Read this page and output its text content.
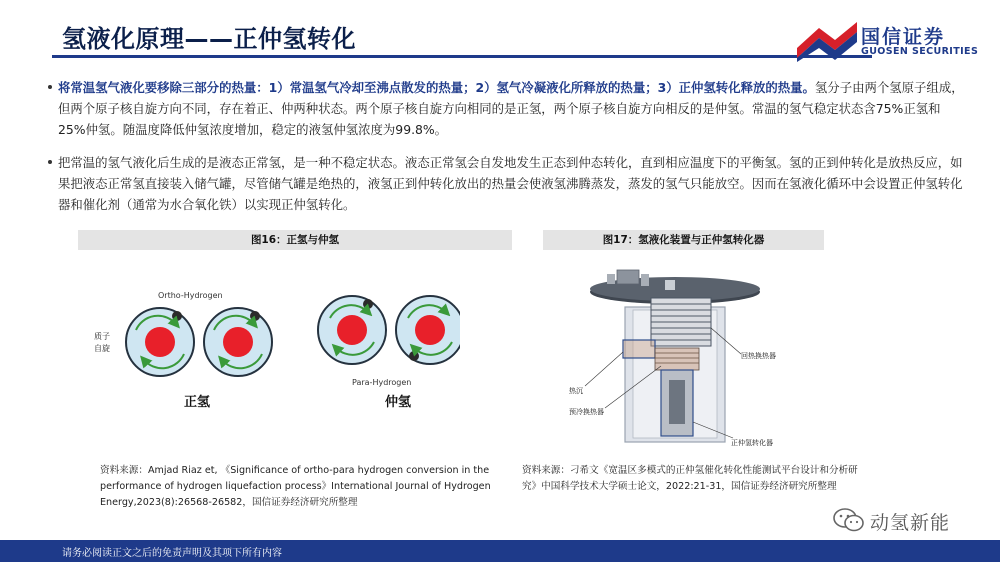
氢液化原理——正仲氢转化	国信证券
GUOSEN SECURITIES
将常温氢气液化要移除三部分的热量：1）常温氢气冷却至沸点散发的热量；2）氢气冷凝液化所释放的热量；3）正仲氢转化释放的热量。氢分子由两个氢原子组成，但两个原子核自旋方向不同，存在着正、仲两种状态。两个原子核自旋方向相同的是正氢，两个原子核自旋方向相反的是仲氢。常温的氢气稳定状态含75%正氢和25%仲氢。随温度降低仲氢浓度增加，稳定的液氢仲氢浓度为99.8%。
把常温的氢气液化后生成的是液态正常氢，是一种不稳定状态。液态正常氢会自发地发生正态到仲态转化，直到相应温度下的平衡氢。氢的正到仲转化是放热反应，如果把液态正常氢直接装入储气罐，尽管储气罐是绝热的，液氢正到仲转化放出的热量会使液氢沸腾蒸发，蒸发的氢气只能放空。因而在氢液化循环中会设置正仲氢转化器和催化剂（通常为水合氧化铁）以实现正仲氢转化。
图16：正氢与仲氢	图17：氢液化装置与正仲氢转化器
Ortho-Hydrogen
质子
自旋
Para-Hydrogen
正氢	仲氢
回热换热器
热沉
预冷换热器
正仲氢转化器
资料来源：Amjad Riaz et, 《Significance of ortho-para hydrogen conversion in the performance of hydrogen liquefaction process》International Journal of Hydrogen Energy,2023(8):26568-26582，国信证券经济研究所整理
资料来源：刁希文《宽温区多模式的正仲氢催化转化性能测试平台设计和分析研究》中国科学技术大学硕士论文，2022:21-31，国信证券经济研究所整理
动氢新能
请务必阅读正文之后的免责声明及其项下所有内容
